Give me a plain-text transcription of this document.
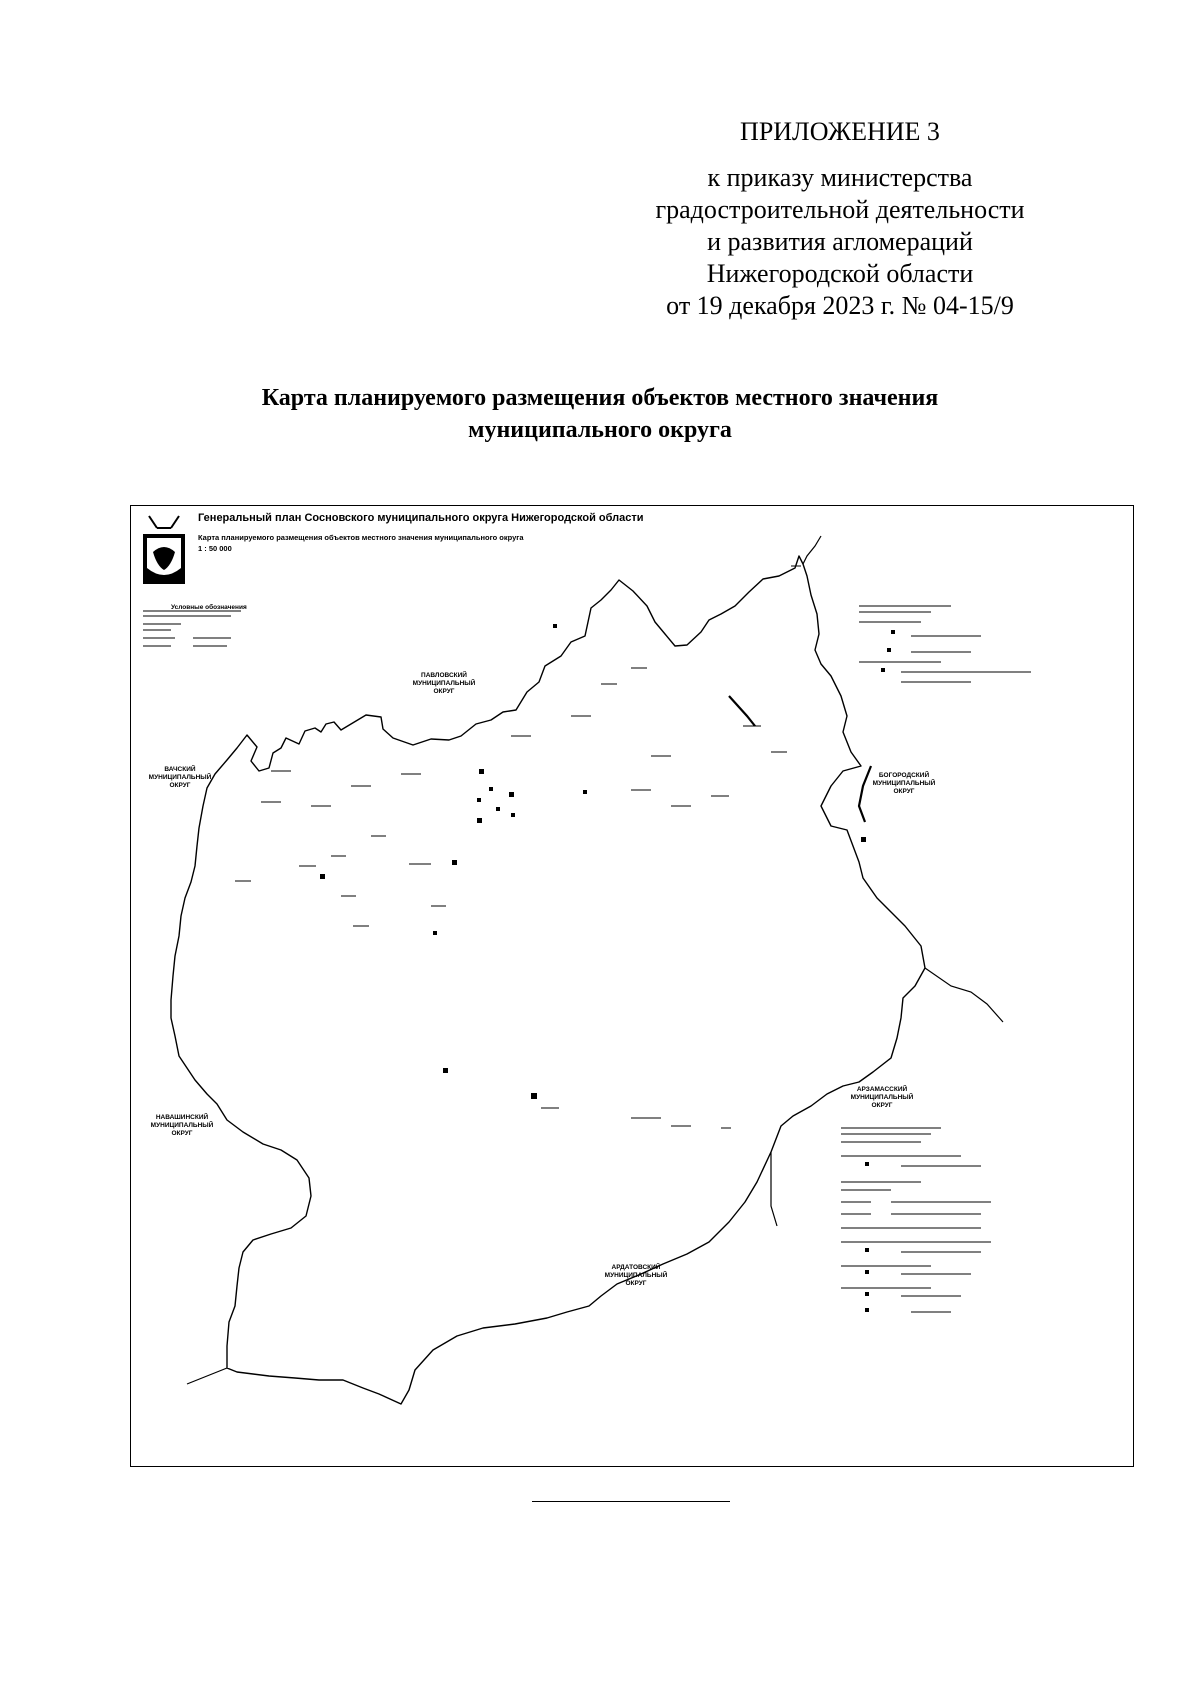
ПРИЛОЖЕНИЕ 3
к приказу министерства
градостроительной деятельности
и развития агломераций
Нижегородской области
от 19 декабря 2023 г. № 04-15/9
Карта планируемого размещения объектов местного значения
муниципального округа
Генеральный план Сосновского муниципального округа Нижегородской области
Карта планируемого размещения объектов местного значения муниципального округа
1 : 50 000
Условные обозначения
ПАВЛОВСКИЙ
МУНИЦИПАЛЬНЫЙ
ОКРУГ
ВАЧСКИЙ
МУНИЦИПАЛЬНЫЙ
ОКРУГ
БОГОРОДСКИЙ
МУНИЦИПАЛЬНЫЙ
ОКРУГ
НАВАШИНСКИЙ
МУНИЦИПАЛЬНЫЙ
ОКРУГ
АРЗАМАССКИЙ
МУНИЦИПАЛЬНЫЙ
ОКРУГ
АРДАТОВСКИЙ
МУНИЦИПАЛЬНЫЙ
ОКРУГ
